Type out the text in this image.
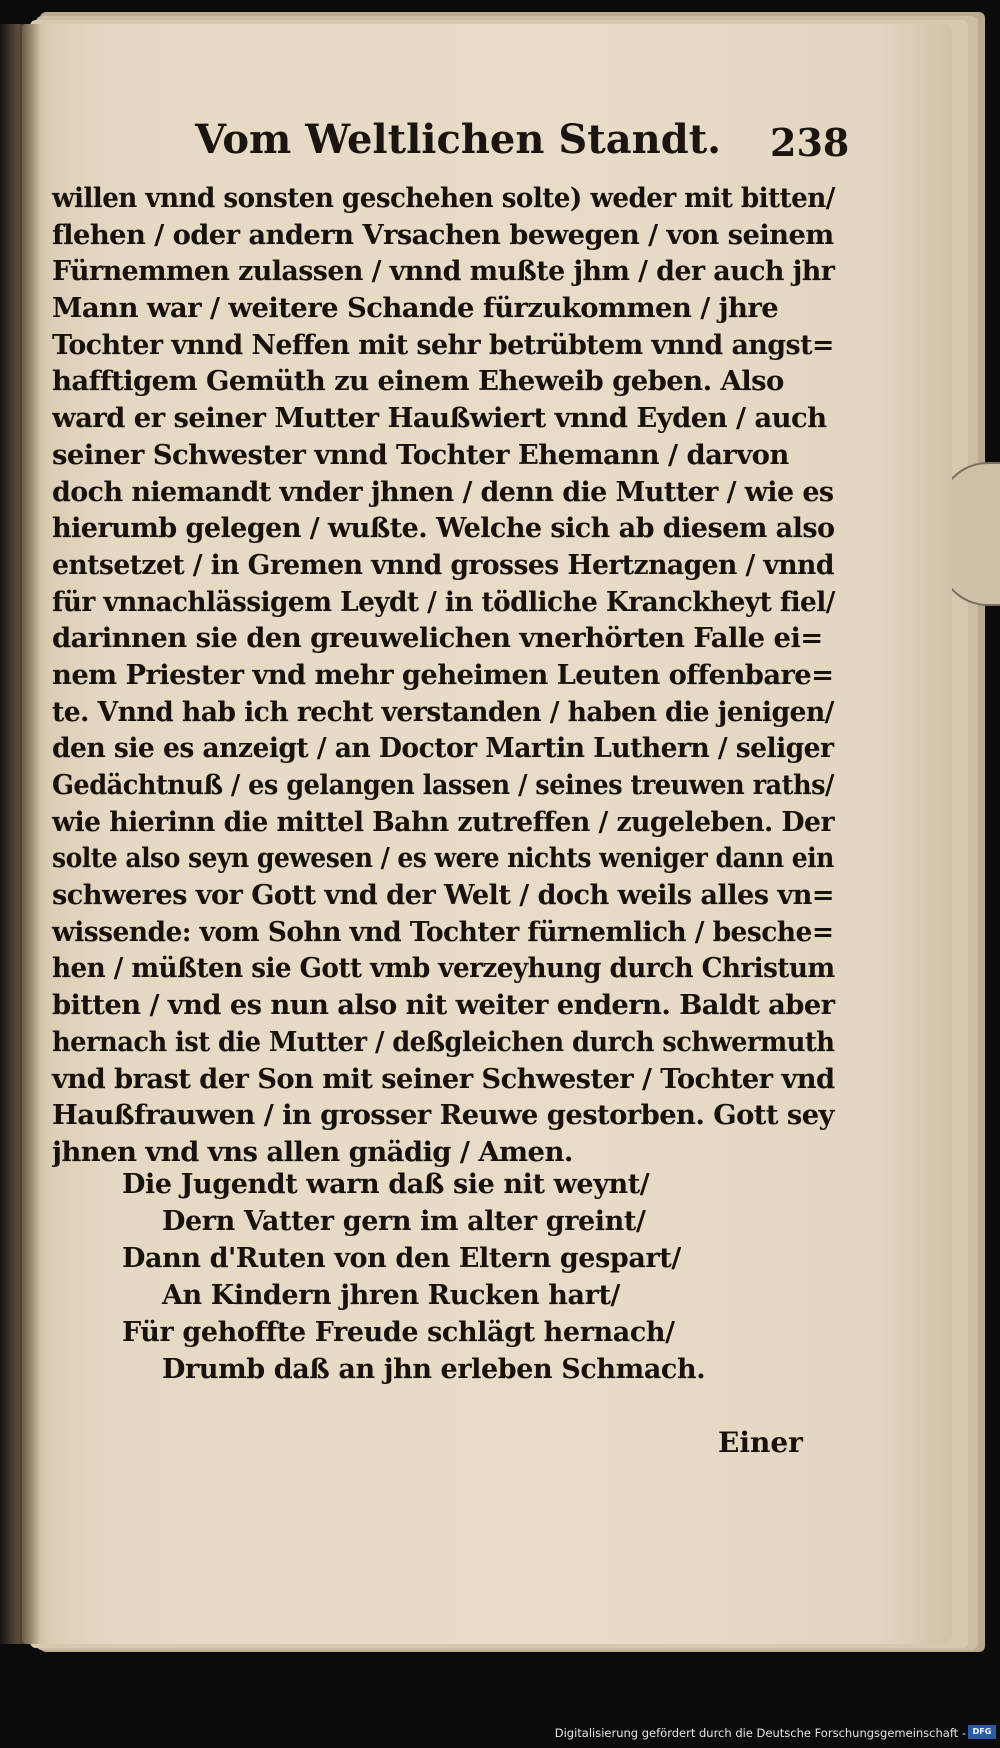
Vom Weltlichen Standt. 238
willen vnnd sonsten geschehen solte) weder mit bitten/
flehen / oder andern Vrsachen bewegen / von seinem
Fürnemmen zulassen / vnnd mußte jhm / der auch jhr
Mann war / weitere Schande fürzukommen / jhre
Tochter vnnd Neffen mit sehr betrübtem vnnd angst=
hafftigem Gemüth zu einem Eheweib geben. Also
ward er seiner Mutter Haußwiert vnnd Eyden / auch
seiner Schwester vnnd Tochter Ehemann / darvon
doch niemandt vnder jhnen / denn die Mutter / wie es
hierumb gelegen / wußte. Welche sich ab diesem also
entsetzet / in Gremen vnnd grosses Hertznagen / vnnd
für vnnachlässigem Leydt / in tödliche Kranckheyt fiel/
darinnen sie den greuwelichen vnerhörten Falle ei=
nem Priester vnd mehr geheimen Leuten offenbare=
te. Vnnd hab ich recht verstanden / haben die jenigen/
den sie es anzeigt / an Doctor Martin Luthern / seliger
Gedächtnuß / es gelangen lassen / seines treuwen raths/
wie hierinn die mittel Bahn zutreffen / zugeleben. Der
solte also seyn gewesen / es were nichts weniger dann ein
schweres vor Gott vnd der Welt / doch weils alles vn=
wissende: vom Sohn vnd Tochter fürnemlich / besche=
hen / müßten sie Gott vmb verzeyhung durch Christum
bitten / vnd es nun also nit weiter endern. Baldt aber
hernach ist die Mutter / deßgleichen durch schwermuth
vnd brast der Son mit seiner Schwester / Tochter vnd
Haußfrauwen / in grosser Reuwe gestorben. Gott sey
jhnen vnd vns allen gnädig / Amen.
Die Jugendt warn daß sie nit weynt/
Dern Vatter gern im alter greint/
Dann d'Ruten von den Eltern gespart/
An Kindern jhren Rucken hart/
Für gehoffte Freude schlägt hernach/
Drumb daß an jhn erleben Schmach.
Einer
Digitalisierung gefördert durch die Deutsche Forschungsgemeinschaft - DFG
